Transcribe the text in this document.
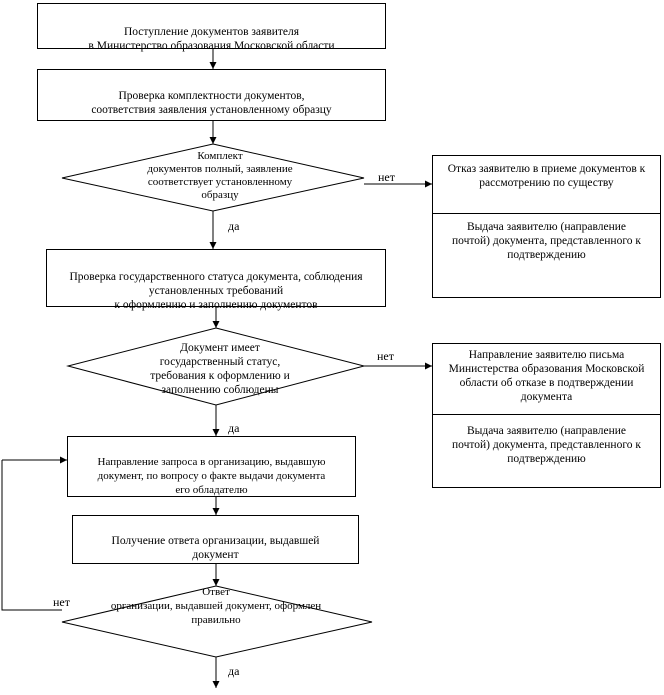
Поступление документов заявителя
в Министерство образования Московской области

Проверка комплектности документов,
соответствия заявления установленному образцу

Проверка государственного статуса документа, соблюдения
установленных требований
к оформлению и заполнению документов

Направление запроса в организацию, выдавшую
документ, по вопросу о факте выдачи документа
его обладателю

Получение ответа организации, выдавшей
документ

Комплект
документов полный, заявление
соответствует установленному
образцу
Документ имеет
государственный статус,
требования к оформлению и
заполнению соблюдены
Ответ
организации, выдавшей документ, оформлен
правильно

Отказ заявителю в приеме документов к
рассмотрению по существу

Выдача заявителю (направление
почтой) документа, представленного к
подтверждению

Направление заявителю письма
Министерства образования Московской
области об отказе в подтверждении
документа

Выдача заявителю (направление
почтой) документа, представленного к
подтверждению

да
нет
да
нет
нет
да
